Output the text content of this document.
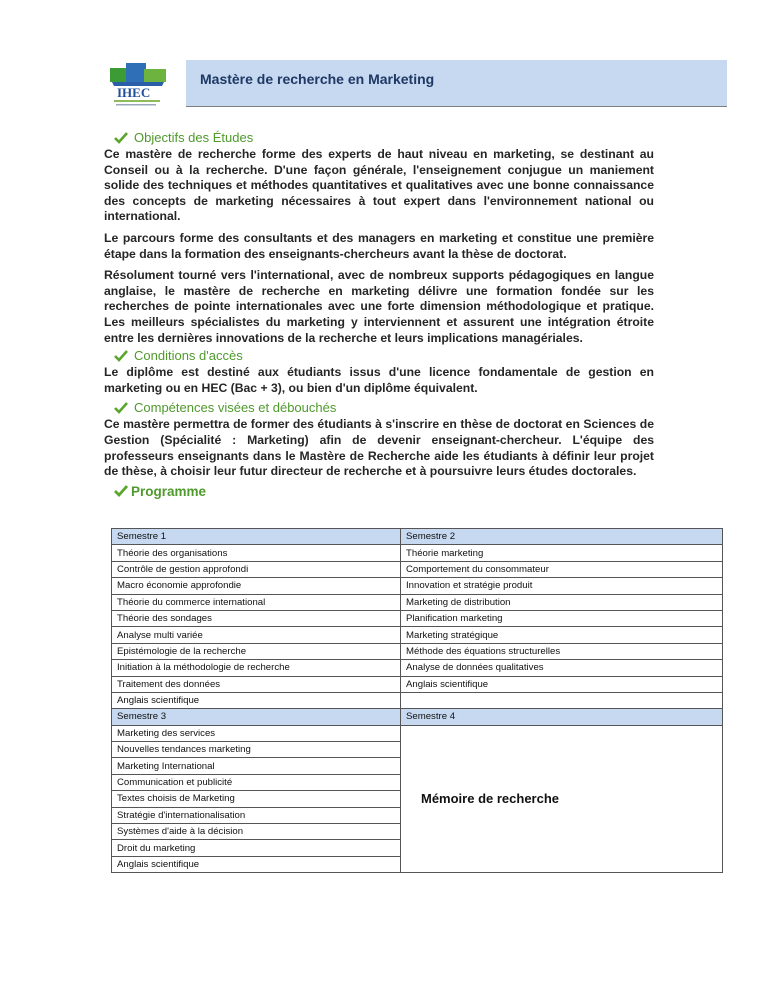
IHEC
Mastère de recherche en Marketing
Objectifs des Études

Ce mastère de recherche forme des experts de haut niveau en marketing, se destinant au Conseil ou à la recherche. D'une façon générale, l'enseignement conjugue un maniement solide des techniques et méthodes quantitatives et qualitatives avec une bonne connaissance des concepts de marketing nécessaires à tout expert dans l'environnement national ou international.

Le parcours forme des consultants et des managers en marketing et constitue une première étape dans la formation des enseignants-chercheurs avant la thèse de doctorat.

Résolument tourné vers l'international, avec de nombreux supports pédagogiques en langue anglaise, le mastère de recherche en marketing délivre une formation fondée sur les recherches de pointe internationales avec une forte dimension méthodologique et pratique. Les meilleurs spécialistes du marketing y interviennent et assurent une intégration étroite entre les dernières innovations de la recherche et leurs implications managériales.

Conditions d'accès

Le diplôme est destiné aux étudiants issus d'une licence fondamentale de gestion en marketing ou en HEC (Bac + 3), ou bien d'un diplôme équivalent.

Compétences visées et débouchés

Ce mastère permettra de former des étudiants à s'inscrire en thèse de doctorat en Sciences de Gestion (Spécialité : Marketing) afin de devenir enseignant-chercheur. L'équipe des professeurs enseignants dans le Mastère de Recherche aide les étudiants à définir leur projet de thèse, à choisir leur futur directeur de recherche et à poursuivre leurs études doctorales.

Programme
Semestre 1	Semestre 2
Théorie des organisations	Théorie marketing
Contrôle de gestion approfondi	Comportement du consommateur
Macro économie approfondie	Innovation et stratégie produit
Théorie du commerce international	Marketing de distribution
Théorie des sondages	Planification marketing
Analyse multi variée	Marketing stratégique
Epistémologie de la recherche	Méthode des équations structurelles
Initiation à la méthodologie de recherche	Analyse de données qualitatives
Traitement des données	Anglais scientifique
Anglais scientifique	
Semestre 3	Semestre 4
Marketing des services	Mémoire de recherche
Nouvelles tendances marketing	
Marketing International	
Communication et publicité	
Textes choisis de Marketing	
Stratégie d'internationalisation	
Systèmes d'aide à la décision	
Droit du marketing	
Anglais scientifique	
